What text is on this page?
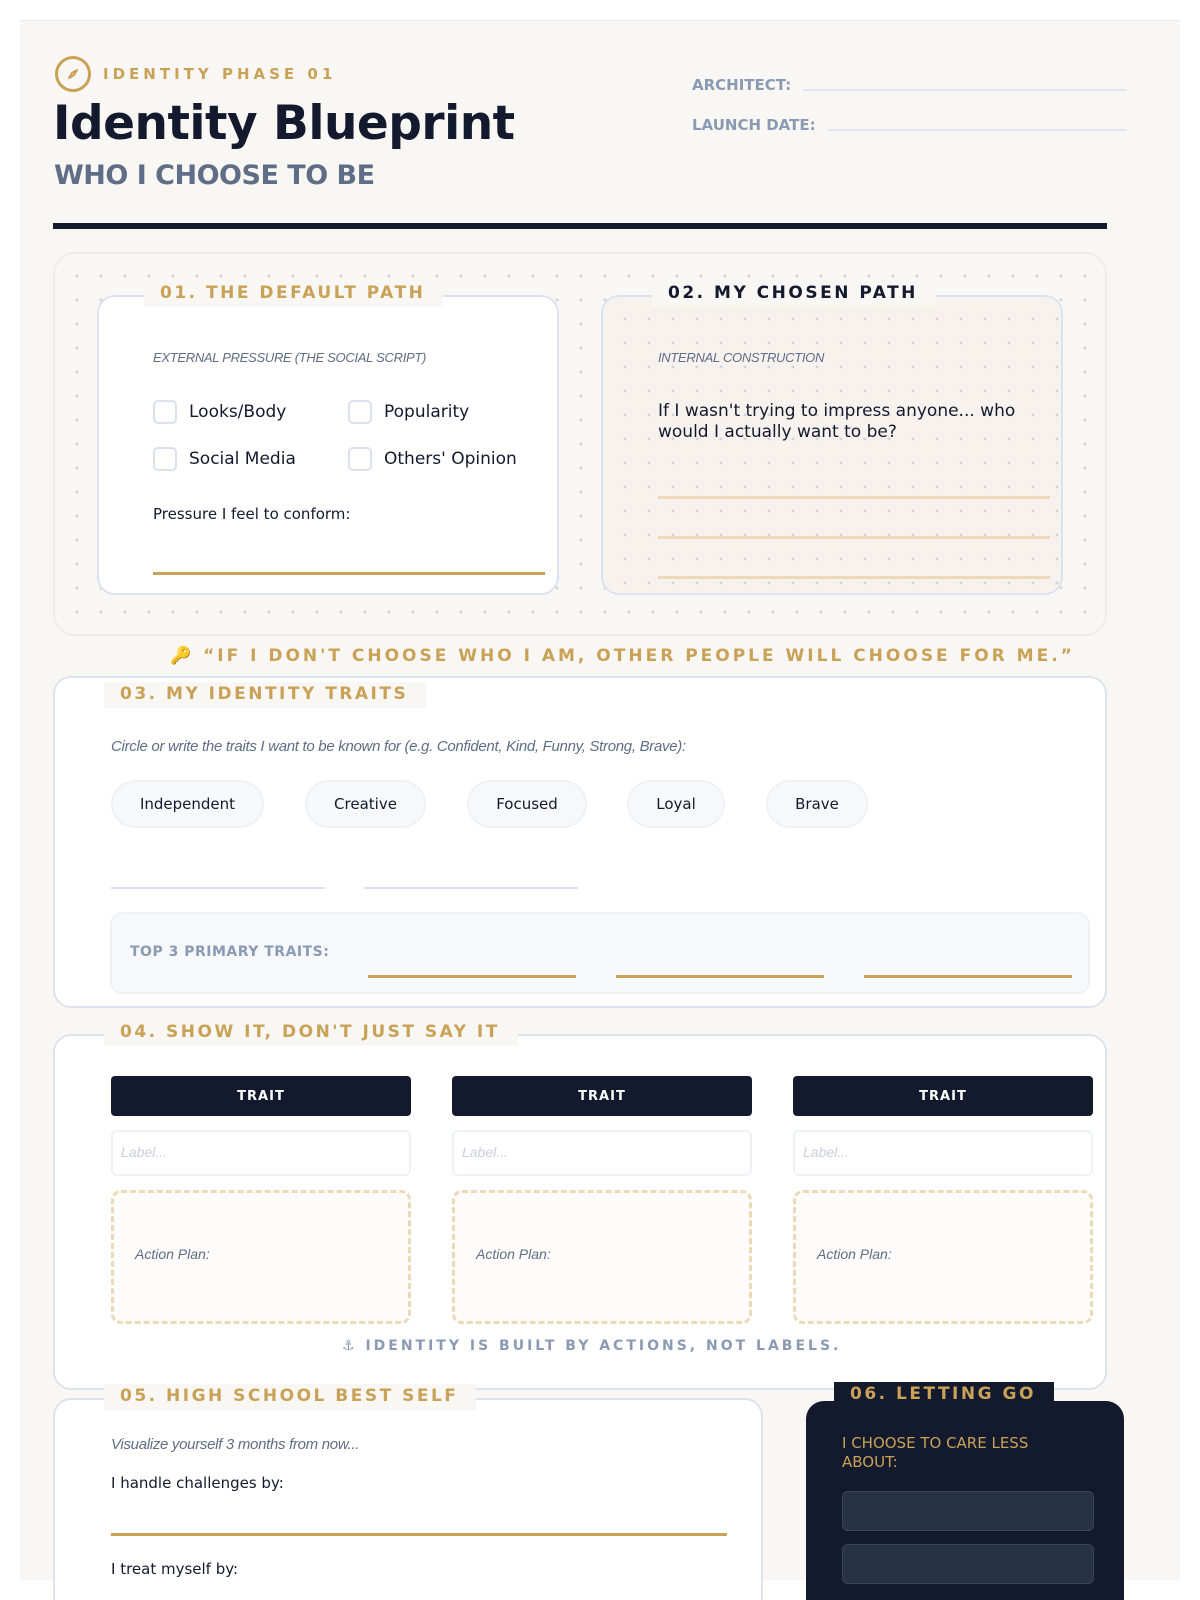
IDENTITY PHASE 01
Identity Blueprint
WHO I CHOOSE TO BE
ARCHITECT:
LAUNCH DATE:
01. THE DEFAULT PATH
EXTERNAL PRESSURE (THE SOCIAL SCRIPT)
Looks/Body	Popularity
Social Media	Others' Opinion
Pressure I feel to conform:
02. MY CHOSEN PATH
INTERNAL CONSTRUCTION
If I wasn't trying to impress anyone... who would I actually want to be?
🔑 “IF I DON'T CHOOSE WHO I AM, OTHER PEOPLE WILL CHOOSE FOR ME.”
03. MY IDENTITY TRAITS
Circle or write the traits I want to be known for (e.g. Confident, Kind, Funny, Strong, Brave):
Independent	Creative	Focused	Loyal	Brave
TOP 3 PRIMARY TRAITS:
04. SHOW IT, DON'T JUST SAY IT
TRAIT	TRAIT	TRAIT
Label...	Label...	Label...
Action Plan:	Action Plan:	Action Plan:
⚓ IDENTITY IS BUILT BY ACTIONS, NOT LABELS.
05. HIGH SCHOOL BEST SELF
Visualize yourself 3 months from now...
I handle challenges by:
I treat myself by:
06. LETTING GO
I CHOOSE TO CARE LESS ABOUT:
